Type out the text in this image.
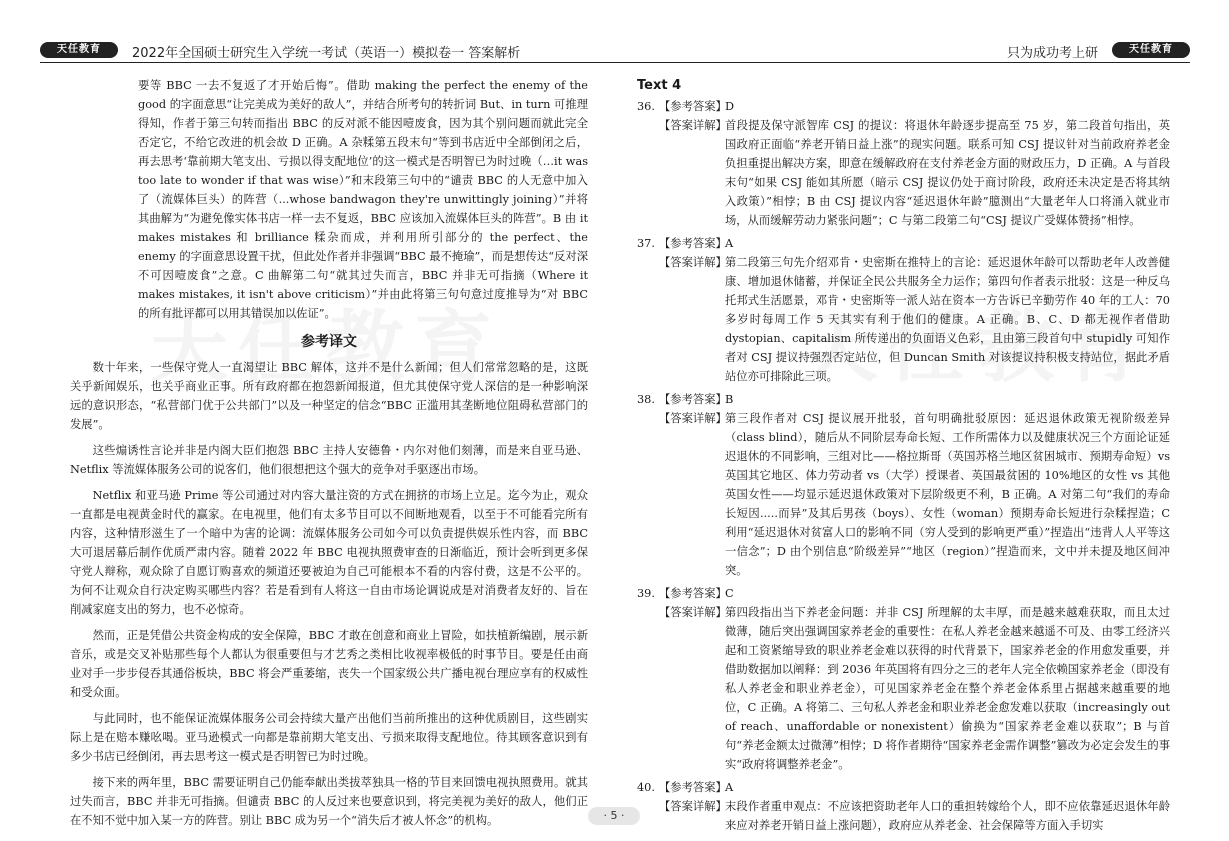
天任教育	2022年全国硕士研究生入学统一考试（英语一）模拟卷一 答案解析	只为成功考上研	天任教育

要等 BBC 一去不复返了才开始后悔”。借助 making the perfect the enemy of the good 的字面意思“让完美成为美好的敌人”，并结合所考句的转折词 But、in turn 可推理得知，作者于第三句转而指出 BBC 的反对派不能因噎废食，因为其个别问题而就此完全否定它，不给它改进的机会故 D 正确。A 杂糅第五段末句“等到书店近中全部倒闭之后，再去思考‘靠前期大笔支出、亏损以得支配地位’的这一模式是否明智已为时过晚（…it was too late to wonder if that was wise）”和末段第三句中的“谴责 BBC 的人无意中加入了（流媒体巨头）的阵营（...whose bandwagon they're unwittingly joining）”并将其曲解为“为避免像实体书店一样一去不复返，BBC 应该加入流媒体巨头的阵营”。B 由 it makes mistakes 和 brilliance 糅杂而成，并利用所引部分的 the perfect、the enemy 的字面意思设置干扰，但此处作者并非强调“BBC 最不掩瑜”，而是想传达“反对深不可因噎废食”之意。C 曲解第二句“就其过失而言，BBC 并非无可指摘（Where it makes mistakes, it isn't above criticism）”并由此将第三句句意过度推导为“对 BBC 的所有批评都可以用其错误加以佐证”。

参考译文

数十年来，一些保守党人一直渴望让 BBC 解体，这并不是什么新闻；但人们常常忽略的是，这既关乎新闻娱乐，也关乎商业正事。所有政府都在抱怨新闻报道，但尤其使保守党人深信的是一种影响深远的意识形态，“私营部门优于公共部门”以及一种坚定的信念“BBC 正滥用其垄断地位阻碍私营部门的发展”。

这些煽诱性言论并非是内阁大臣们抱怨 BBC 主持人安德鲁・内尔对他们刻薄，而是来自亚马逊、Netflix 等流媒体服务公司的说客们，他们很想把这个强大的竞争对手驱逐出市场。

Netflix 和亚马逊 Prime 等公司通过对内容大量注资的方式在拥挤的市场上立足。迄今为止，观众一直都是电视黄金时代的赢家。在电视里，他们有太多节目可以不间断地观看，以至于不可能看完所有内容，这种情形滋生了一个暗中为害的论调：流媒体服务公司如今可以负责提供娱乐性内容，而 BBC 大可退居幕后制作优质严肃内容。随着 2022 年 BBC 电视执照费审查的日渐临近，预计会听到更多保守党人辩称，观众除了自愿订购喜欢的频道还要被迫为自己可能根本不看的内容付费，这是不公平的。为何不让观众自行决定购买哪些内容？若是看到有人将这一自由市场论调说成是对消费者友好的、旨在削减家庭支出的努力，也不必惊奇。

然而，正是凭借公共资金构成的安全保障，BBC 才敢在创意和商业上冒险，如扶植新编剧，展示新音乐，或是交叉补贴那些每个人都认为很重要但与才艺秀之类相比收视率极低的时事节目。要是任由商业对手一步步侵吞其通俗板块，BBC 将会严重萎缩，丧失一个国家级公共广播电视台理应享有的权威性和受众面。

与此同时，也不能保证流媒体服务公司会持续大量产出他们当前所推出的这种优质剧目，这些剧实际上是在赔本赚吆喝。亚马逊模式一向都是靠前期大笔支出、亏损来取得支配地位。待其顾客意识到有多少书店已经倒闭，再去思考这一模式是否明智已为时过晚。

接下来的两年里，BBC 需要证明自己仍能奉献出类拔萃独具一格的节目来回馈电视执照费用。就其过失而言，BBC 并非无可指摘。但谴责 BBC 的人反过来也要意识到，将完美视为美好的敌人，他们正在不知不觉中加入某一方的阵营。别让 BBC 成为另一个“消失后才被人怀念”的机构。

Text 4
36. 【参考答案】
D
【答案详解】
首段提及保守派智库 CSJ 的提议：将退休年龄逐步提高至 75 岁，第二段首句指出，英国政府正面临“养老开销日益上涨”的现实问题。联系可知 CSJ 提议针对当前政府养老金负担重提出解决方案，即意在缓解政府在支付养老金方面的财政压力，D 正确。A 与首段末句“如果 CSJ 能如其所愿（暗示 CSJ 提议仍处于商讨阶段，政府还未决定是否将其纳入政策）”相悖；B 由 CSJ 提议内容“延迟退休年龄”臆测出“大量老年人口将涌入就业市场，从而缓解劳动力紧张问题”；C 与第二段第二句“CSJ 提议广受媒体赞扬”相悖。
37. 【参考答案】
A
【答案详解】
第二段第三句先介绍邓肯・史密斯在推特上的言论：延迟退休年龄可以帮助老年人改善健康、增加退休储蓄，并保证全民公共服务全力运作；第四句作者表示批驳：这是一种反乌托邦式生活愿景，邓肯・史密斯等一派人站在资本一方告诉已辛勤劳作 40 年的工人：70 多岁时每周工作 5 天其实有利于他们的健康。A 正确。B、C、D 都无视作者借助 dystopian、capitalism 所传递出的负面语义色彩，且由第三段首句中 stupidly 可知作者对 CSJ 提议持强烈否定站位，但 Duncan Smith 对该提议持积极支持站位，据此矛盾站位亦可排除此三项。
38. 【参考答案】
B
【答案详解】
第三段作者对 CSJ 提议展开批驳，首句明确批驳原因：延迟退休政策无视阶级差异（class blind），随后从不同阶层寿命长短、工作所需体力以及健康状况三个方面论证延迟退休的不同影响，三组对比——格拉斯哥（英国苏格兰地区贫困城市、预期寿命短）vs 英国其它地区、体力劳动者 vs（大学）授课者、英国最贫困的 10%地区的女性 vs 其他英国女性——均显示延迟退休政策对下层阶级更不利，B 正确。A 对第二句“我们的寿命长短因.....而异”及其后男孩（boys）、女性（woman）预期寿命长短进行杂糅捏造；C 利用“延迟退休对贫富人口的影响不同（穷人受到的影响更严重）”捏造出“违背人人平等这一信念”；D 由个别信息“阶级差异”“地区（region）”捏造而来，文中并未提及地区间冲突。
39. 【参考答案】
C
【答案详解】
第四段指出当下养老金问题：并非 CSJ 所理解的太丰厚，而是越来越难获取，而且太过微薄，随后突出强调国家养老金的重要性：在私人养老金越来越遥不可及、由零工经济兴起和工资紧缩导致的职业养老金难以获得的时代背景下，国家养老金的作用愈发重要，并借助数据加以阐释：到 2036 年英国将有四分之三的老年人完全依赖国家养老金（即没有私人养老金和职业养老金），可见国家养老金在整个养老金体系里占据越来越重要的地位，C 正确。A 将第二、三句私人养老金和职业养老金愈发难以获取（increasingly out of reach、unaffordable or nonexistent）偷换为“国家养老金难以获取”；B 与首句“养老金额太过微薄”相悖；D 将作者期待“国家养老金需作调整”篡改为必定会发生的事实“政府将调整养老金”。
40. 【参考答案】
A
【答案详解】
末段作者重申观点：不应该把资助老年人口的重担转嫁给个人，即不应依靠延迟退休年龄来应对养老开销日益上涨问题），政府应从养老金、社会保障等方面入手切实
· 5 ·
